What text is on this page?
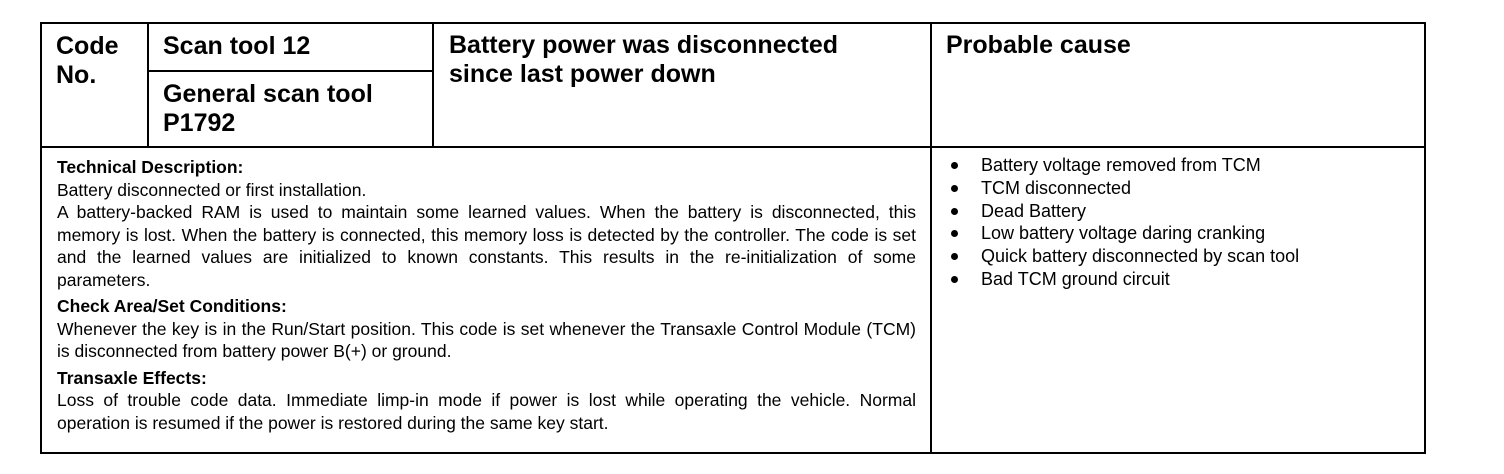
Code
No.
Scan tool 12
General scan tool
P1792
Battery power was disconnected
since last power down
Probable cause
Technical Description:
Battery disconnected or first installation.
A battery-backed RAM is used to maintain some learned values. When the battery is disconnected, this memory is lost. When the battery is connected, this memory loss is detected by the controller. The code is set and the learned values are initialized to known constants. This results in the re-initialization of some parameters.
Check Area/Set Conditions:
Whenever the key is in the Run/Start position. This code is set whenever the Transaxle Control Module (TCM) is disconnected from battery power B(+) or ground.
Transaxle Effects:
Loss of trouble code data. Immediate limp-in mode if power is lost while operating the vehicle. Normal operation is resumed if the power is restored during the same key start.
Battery voltage removed from TCM
TCM disconnected
Dead Battery
Low battery voltage daring cranking
Quick battery disconnected by scan tool
Bad TCM ground circuit
